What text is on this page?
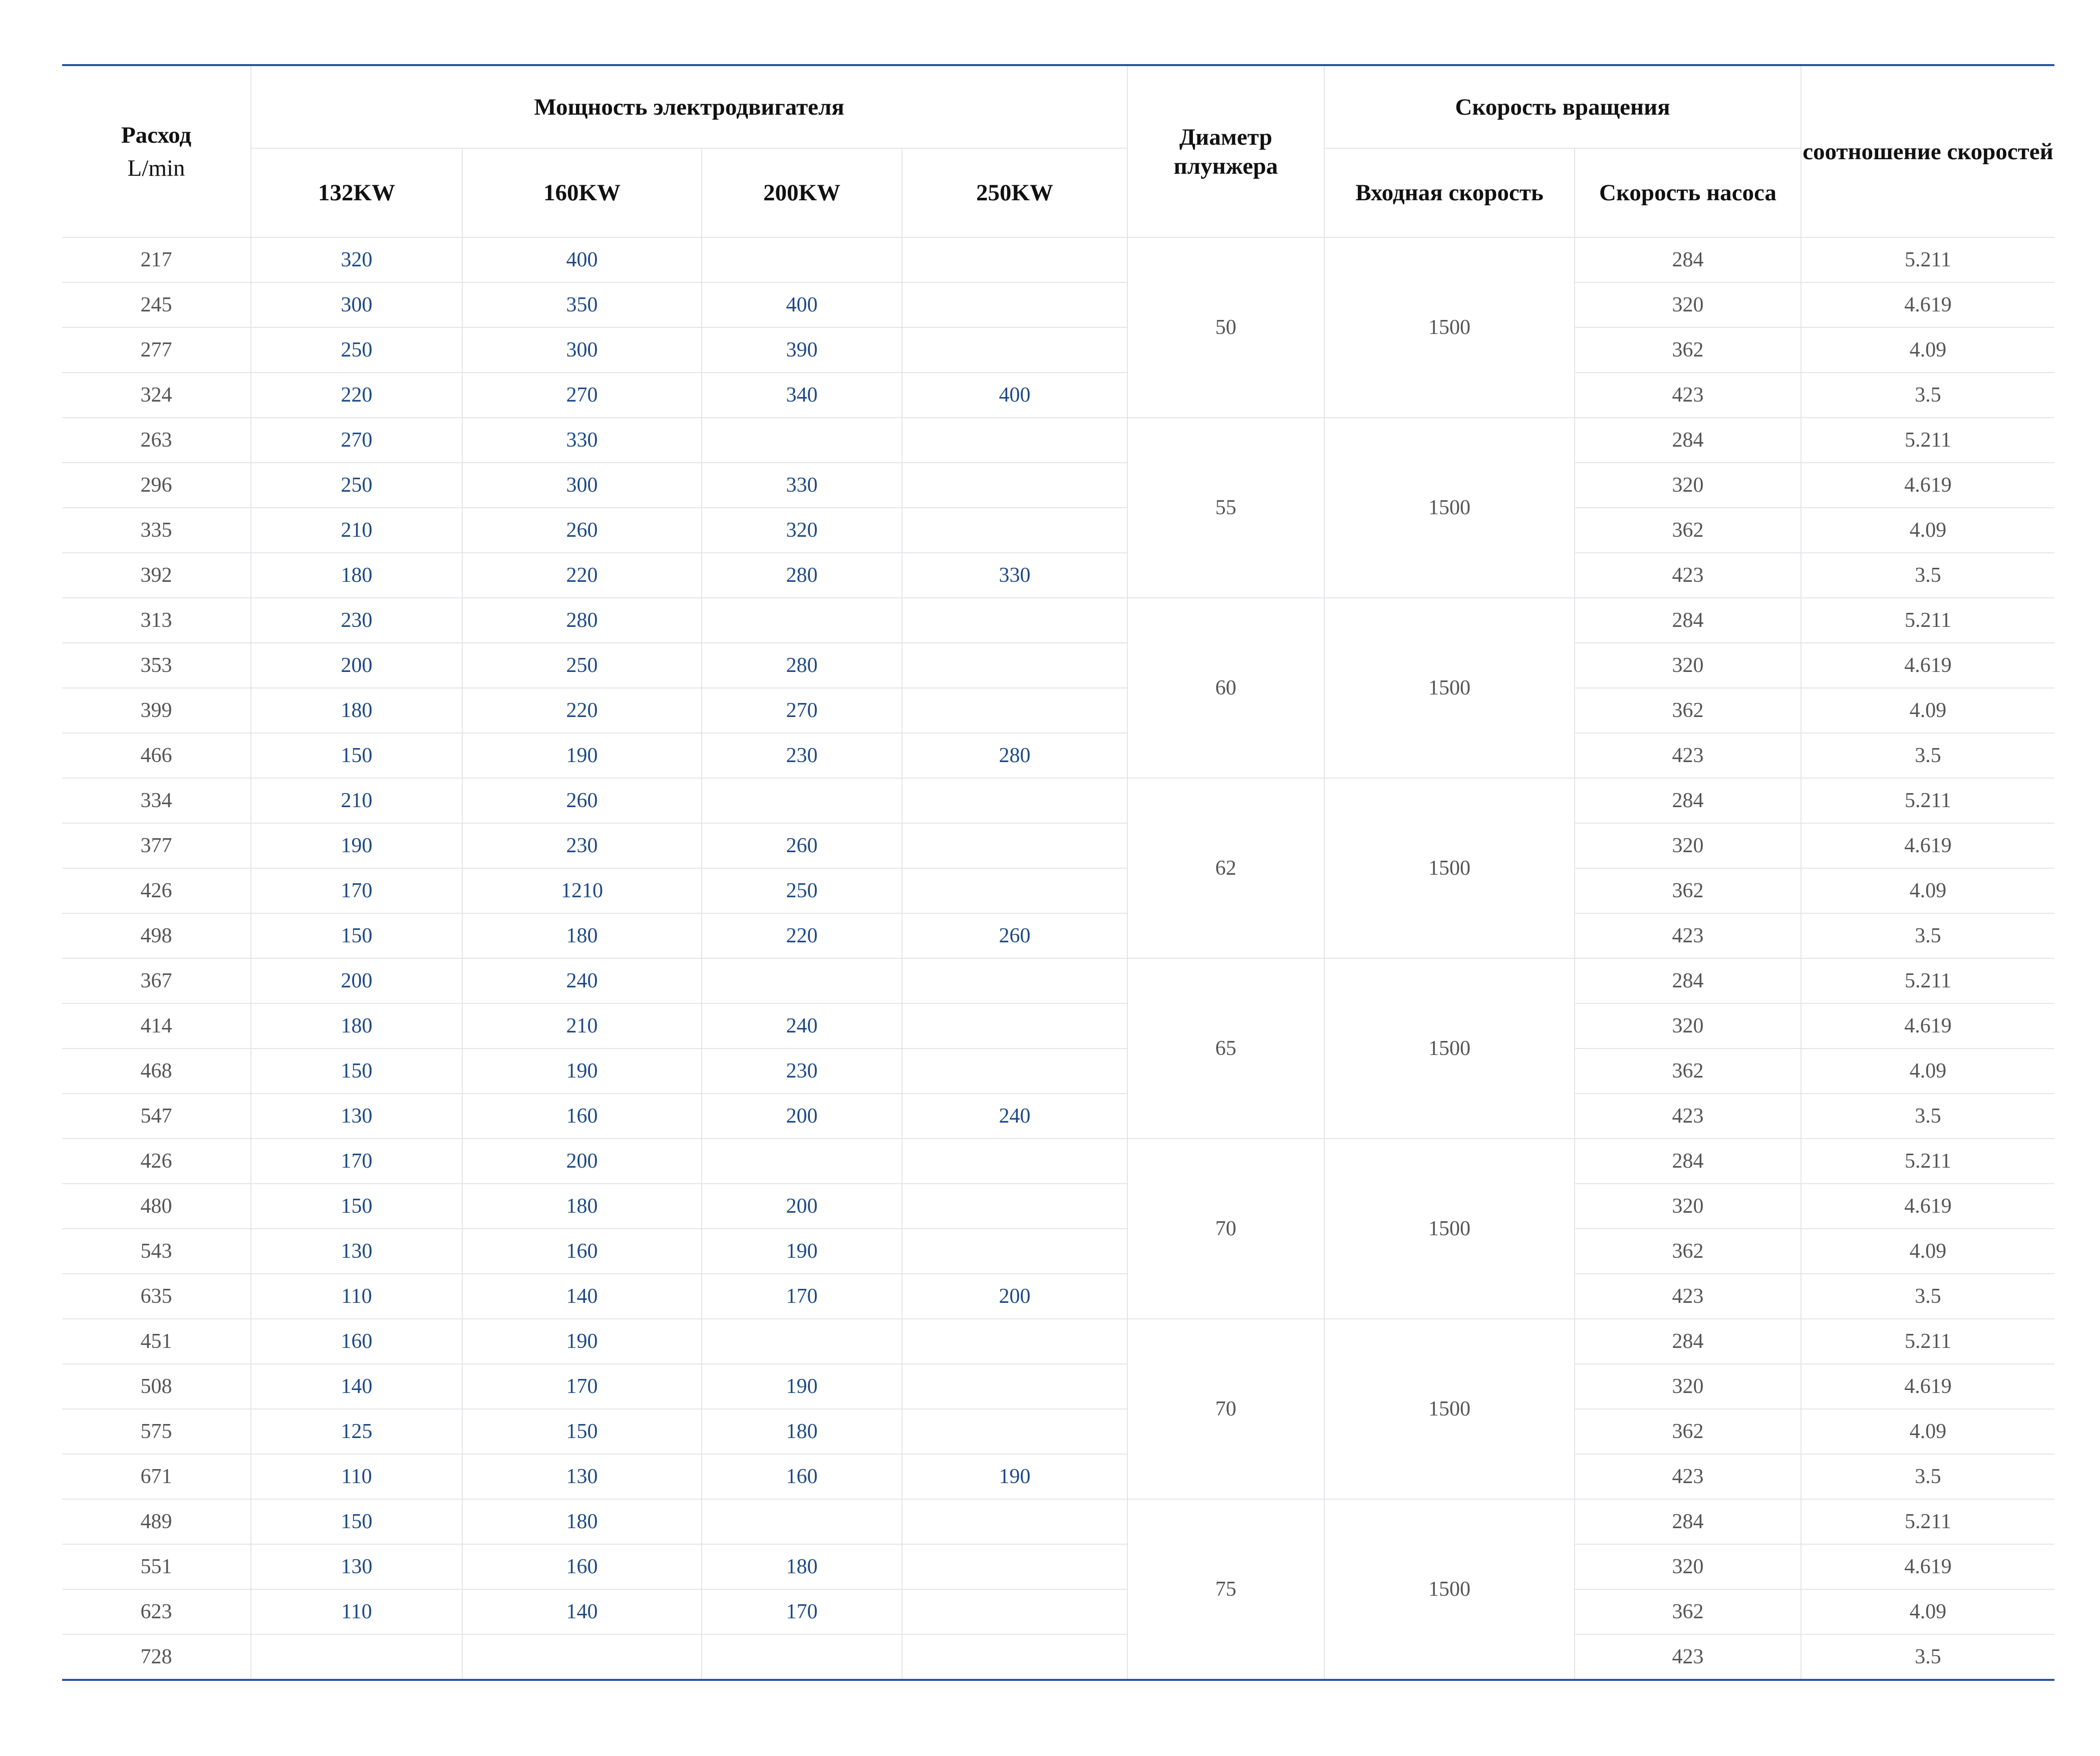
Расход
L/min	Мощность электродвигателя				Диаметр плунжера	Скорость вращения		соотношение скоростей
	132KW	160KW	200KW	250KW		Входная скорость	Скорость насоса	
217	320	400			50	1500	284	5.211
245	300	350	400				320	4.619
277	250	300	390				362	4.09
324	220	270	340	400			423	3.5
263	270	330			55	1500	284	5.211
296	250	300	330				320	4.619
335	210	260	320				362	4.09
392	180	220	280	330			423	3.5
313	230	280			60	1500	284	5.211
353	200	250	280				320	4.619
399	180	220	270				362	4.09
466	150	190	230	280			423	3.5
334	210	260			62	1500	284	5.211
377	190	230	260				320	4.619
426	170	1210	250				362	4.09
498	150	180	220	260			423	3.5
367	200	240			65	1500	284	5.211
414	180	210	240				320	4.619
468	150	190	230				362	4.09
547	130	160	200	240			423	3.5
426	170	200			70	1500	284	5.211
480	150	180	200				320	4.619
543	130	160	190				362	4.09
635	110	140	170	200			423	3.5
451	160	190			70	1500	284	5.211
508	140	170	190				320	4.619
575	125	150	180				362	4.09
671	110	130	160	190			423	3.5
489	150	180			75	1500	284	5.211
551	130	160	180				320	4.619
623	110	140	170				362	4.09
728							423	3.5
